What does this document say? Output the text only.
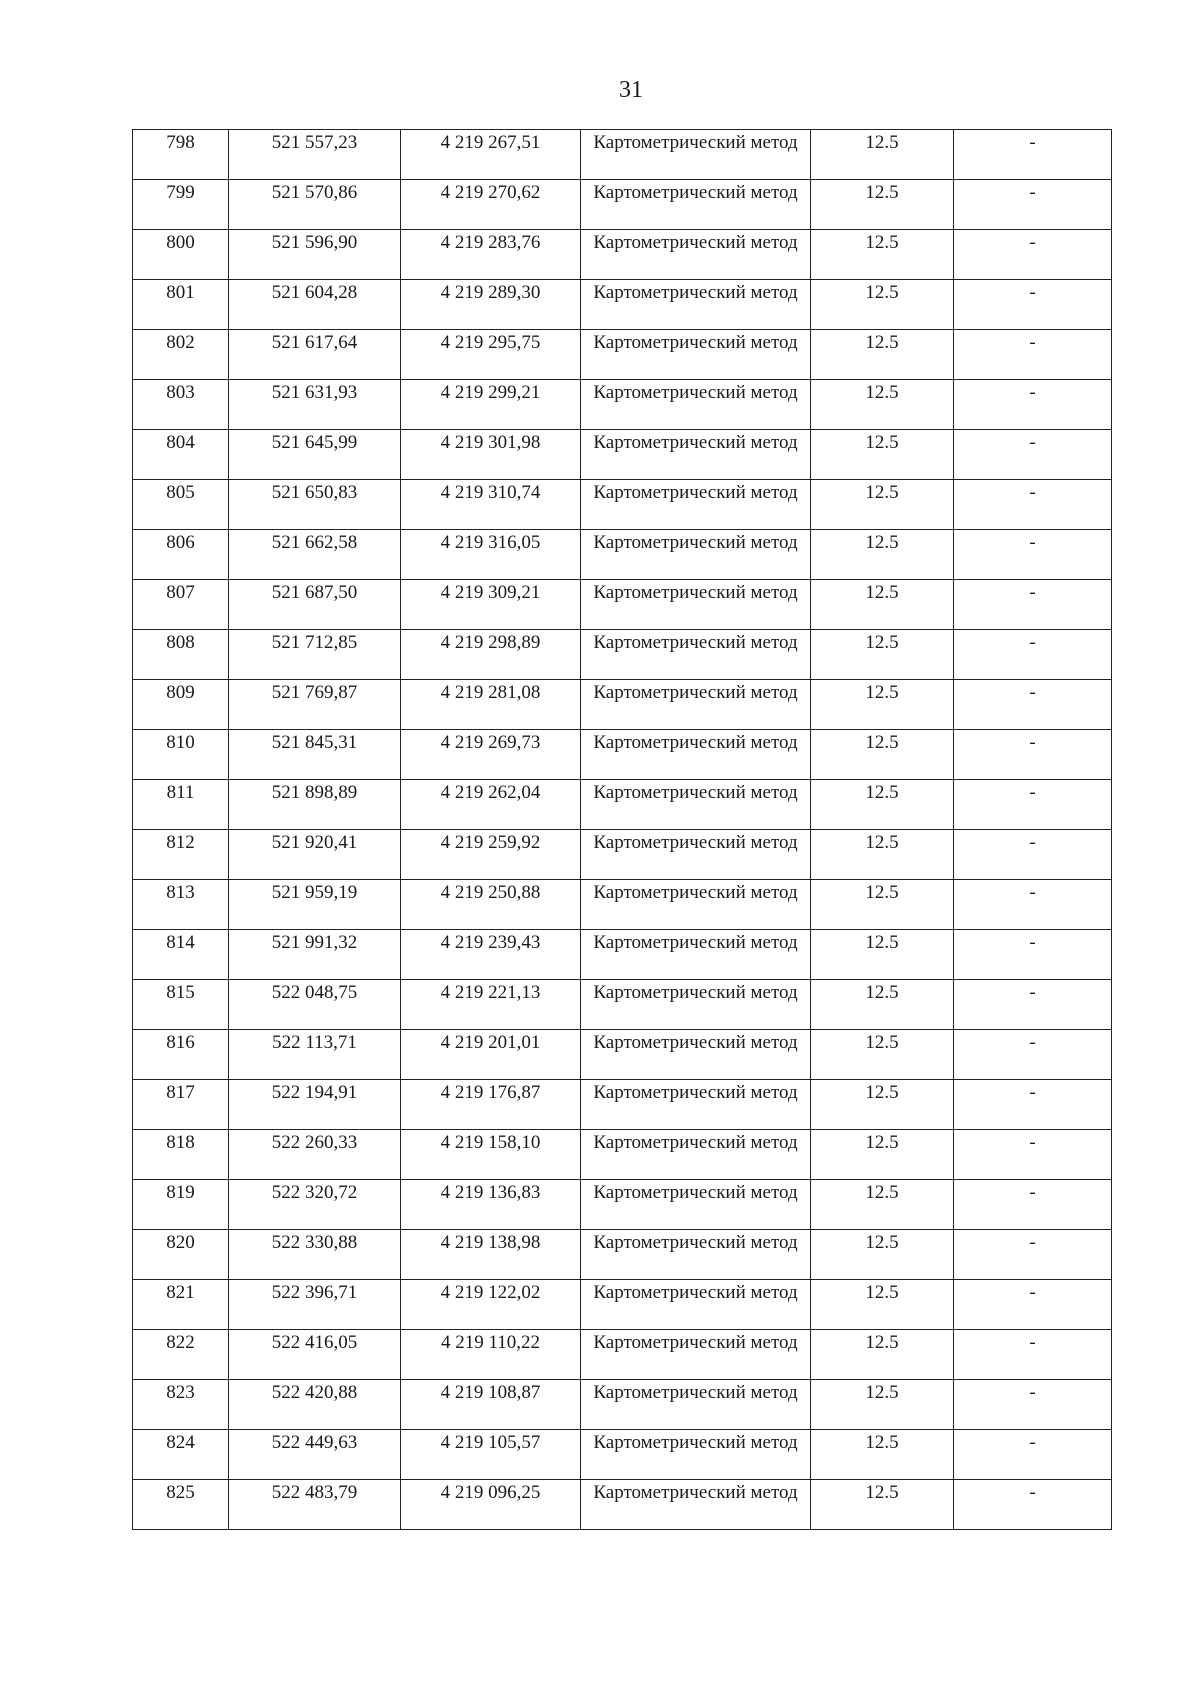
31
798	521 557,23	4 219 267,51	Картометрический метод	12.5	-
799	521 570,86	4 219 270,62	Картометрический метод	12.5	-
800	521 596,90	4 219 283,76	Картометрический метод	12.5	-
801	521 604,28	4 219 289,30	Картометрический метод	12.5	-
802	521 617,64	4 219 295,75	Картометрический метод	12.5	-
803	521 631,93	4 219 299,21	Картометрический метод	12.5	-
804	521 645,99	4 219 301,98	Картометрический метод	12.5	-
805	521 650,83	4 219 310,74	Картометрический метод	12.5	-
806	521 662,58	4 219 316,05	Картометрический метод	12.5	-
807	521 687,50	4 219 309,21	Картометрический метод	12.5	-
808	521 712,85	4 219 298,89	Картометрический метод	12.5	-
809	521 769,87	4 219 281,08	Картометрический метод	12.5	-
810	521 845,31	4 219 269,73	Картометрический метод	12.5	-
811	521 898,89	4 219 262,04	Картометрический метод	12.5	-
812	521 920,41	4 219 259,92	Картометрический метод	12.5	-
813	521 959,19	4 219 250,88	Картометрический метод	12.5	-
814	521 991,32	4 219 239,43	Картометрический метод	12.5	-
815	522 048,75	4 219 221,13	Картометрический метод	12.5	-
816	522 113,71	4 219 201,01	Картометрический метод	12.5	-
817	522 194,91	4 219 176,87	Картометрический метод	12.5	-
818	522 260,33	4 219 158,10	Картометрический метод	12.5	-
819	522 320,72	4 219 136,83	Картометрический метод	12.5	-
820	522 330,88	4 219 138,98	Картометрический метод	12.5	-
821	522 396,71	4 219 122,02	Картометрический метод	12.5	-
822	522 416,05	4 219 110,22	Картометрический метод	12.5	-
823	522 420,88	4 219 108,87	Картометрический метод	12.5	-
824	522 449,63	4 219 105,57	Картометрический метод	12.5	-
825	522 483,79	4 219 096,25	Картометрический метод	12.5	-
